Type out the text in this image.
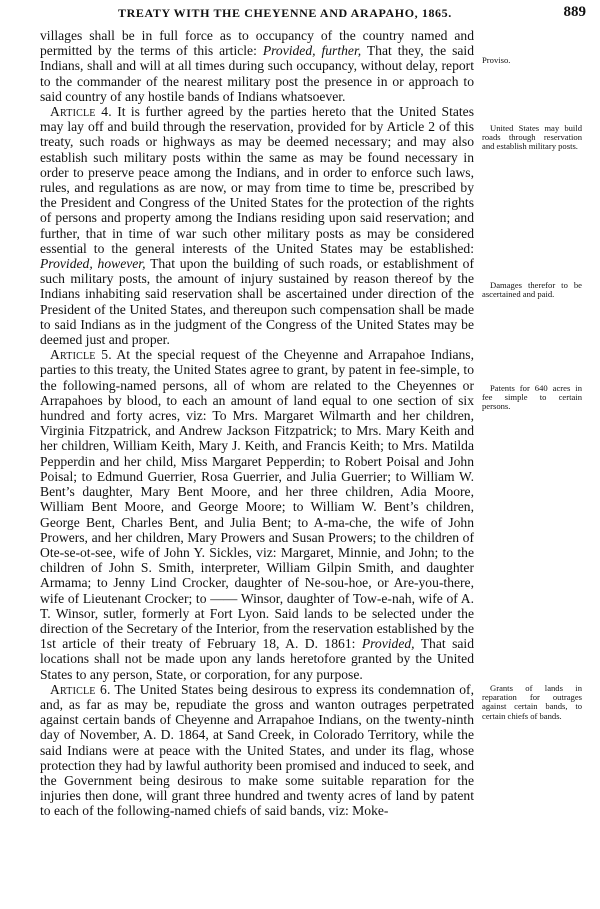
TREATY WITH THE CHEYENNE AND ARAPAHO, 1865.	889

villages shall be in full force as to occupancy of the country named and permitted by the terms of this article: Provided, further, That they, the said Indians, shall and will at all times during such occupancy, without delay, report to the commander of the nearest military post the presence in or approach to said country of any hostile bands of Indians whatsoever.

Article 4. It is further agreed by the parties hereto that the United States may lay off and build through the reservation, provided for by Article 2 of this treaty, such roads or highways as may be deemed necessary; and may also establish such military posts within the same as may be found necessary in order to preserve peace among the Indians, and in order to enforce such laws, rules, and regulations as are now, or may from time to time be, prescribed by the President and Congress of the United States for the protection of the rights of persons and property among the Indians residing upon said reservation; and further, that in time of war such other military posts as may be considered essential to the general interests of the United States may be established: Provided, however, That upon the building of such roads, or establishment of such military posts, the amount of injury sustained by reason thereof by the Indians inhabiting said reservation shall be ascertained under direction of the President of the United States, and thereupon such compensation shall be made to said Indians as in the judgment of the Congress of the United States may be deemed just and proper.

Article 5. At the special request of the Cheyenne and Arrapahoe Indians, parties to this treaty, the United States agree to grant, by patent in fee-simple, to the following-named persons, all of whom are related to the Cheyennes or Arrapahoes by blood, to each an amount of land equal to one section of six hundred and forty acres, viz: To Mrs. Margaret Wilmarth and her children, Virginia Fitzpatrick, and Andrew Jackson Fitzpatrick; to Mrs. Mary Keith and her children, William Keith, Mary J. Keith, and Francis Keith; to Mrs. Matilda Pepperdin and her child, Miss Margaret Pepperdin; to Robert Poisal and John Poisal; to Edmund Guerrier, Rosa Guerrier, and Julia Guerrier; to William W. Bent’s daughter, Mary Bent Moore, and her three children, Adia Moore, William Bent Moore, and George Moore; to William W. Bent’s children, George Bent, Charles Bent, and Julia Bent; to A-ma-che, the wife of John Prowers, and her children, Mary Prowers and Susan Prowers; to the children of Ote-se-ot-see, wife of John Y. Sickles, viz: Margaret, Minnie, and John; to the children of John S. Smith, interpreter, William Gilpin Smith, and daughter Armama; to Jenny Lind Crocker, daughter of Ne-sou-hoe, or Are-you-there, wife of Lieutenant Crocker; to —— Winsor, daughter of Tow-e-nah, wife of A. T. Winsor, sutler, formerly at Fort Lyon. Said lands to be selected under the direction of the Secretary of the Interior, from the reservation established by the 1st article of their treaty of February 18, A. D. 1861: Provided, That said locations shall not be made upon any lands heretofore granted by the United States to any person, State, or corporation, for any purpose.

Article 6. The United States being desirous to express its condemnation of, and, as far as may be, repudiate the gross and wanton outrages perpetrated against certain bands of Cheyenne and Arrapahoe Indians, on the twenty-ninth day of November, A. D. 1864, at Sand Creek, in Colorado Territory, while the said Indians were at peace with the United States, and under its flag, whose protection they had by lawful authority been promised and induced to seek, and the Government being desirous to make some suitable reparation for the injuries then done, will grant three hundred and twenty acres of land by patent to each of the following-named chiefs of said bands, viz: Moke-

Proviso.
United States may build roads through reservation and establish military posts.
Damages therefor to be ascertained and paid.
Patents for 640 acres in fee simple to certain persons.
Grants of lands in reparation for outrages against certain bands, to certain chiefs of bands.
